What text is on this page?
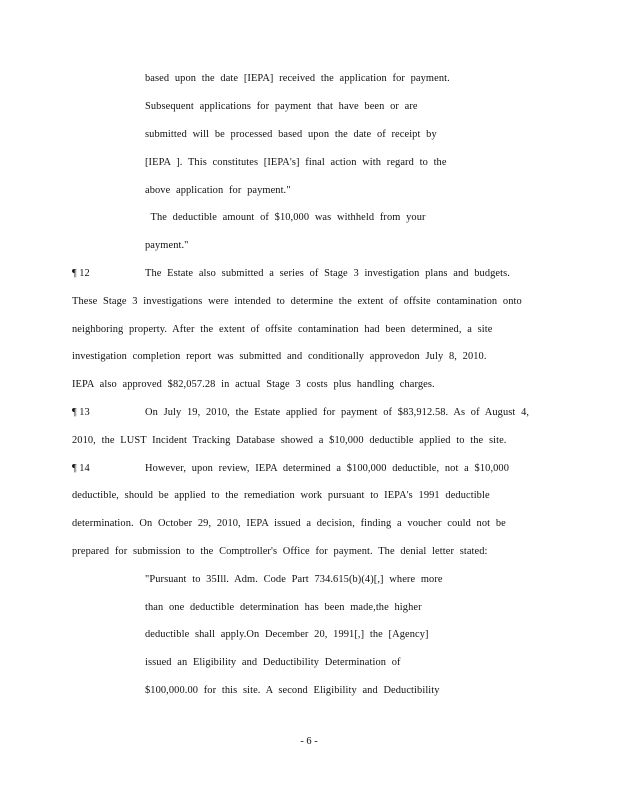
based upon the date [IEPA] received the application for payment.
Subsequent applications for payment that have been or are
submitted will be processed based upon the date of receipt by
[IEPA ]. This constitutes [IEPA's] final action with regard to the
above application for payment."
The deductible amount of $10,000 was withheld from your
payment."
¶ 12	The Estate also submitted a series of Stage 3 investigation plans and budgets.
These Stage 3 investigations were intended to determine the extent of offsite contamination onto
neighboring property. After the extent of offsite contamination had been determined, a site
investigation completion report was submitted and conditionally approvedon July 8, 2010.
IEPA also approved $82,057.28 in actual Stage 3 costs plus handling charges.
¶ 13	On July 19, 2010, the Estate applied for payment of $83,912.58. As of August 4,
2010, the LUST Incident Tracking Database showed a $10,000 deductible applied to the site.
¶ 14	However, upon review, IEPA determined a $100,000 deductible, not a $10,000
deductible, should be applied to the remediation work pursuant to IEPA's 1991 deductible
determination. On October 29, 2010, IEPA issued a decision, finding a voucher could not be
prepared for submission to the Comptroller's Office for payment. The denial letter stated:
"Pursuant to 35Ill. Adm. Code Part 734.615(b)(4)[,] where more
than one deductible determination has been made,the higher
deductible shall apply.On December 20, 1991[,] the [Agency]
issued an Eligibility and Deductibility Determination of
$100,000.00 for this site. A second Eligibility and Deductibility
- 6 -
